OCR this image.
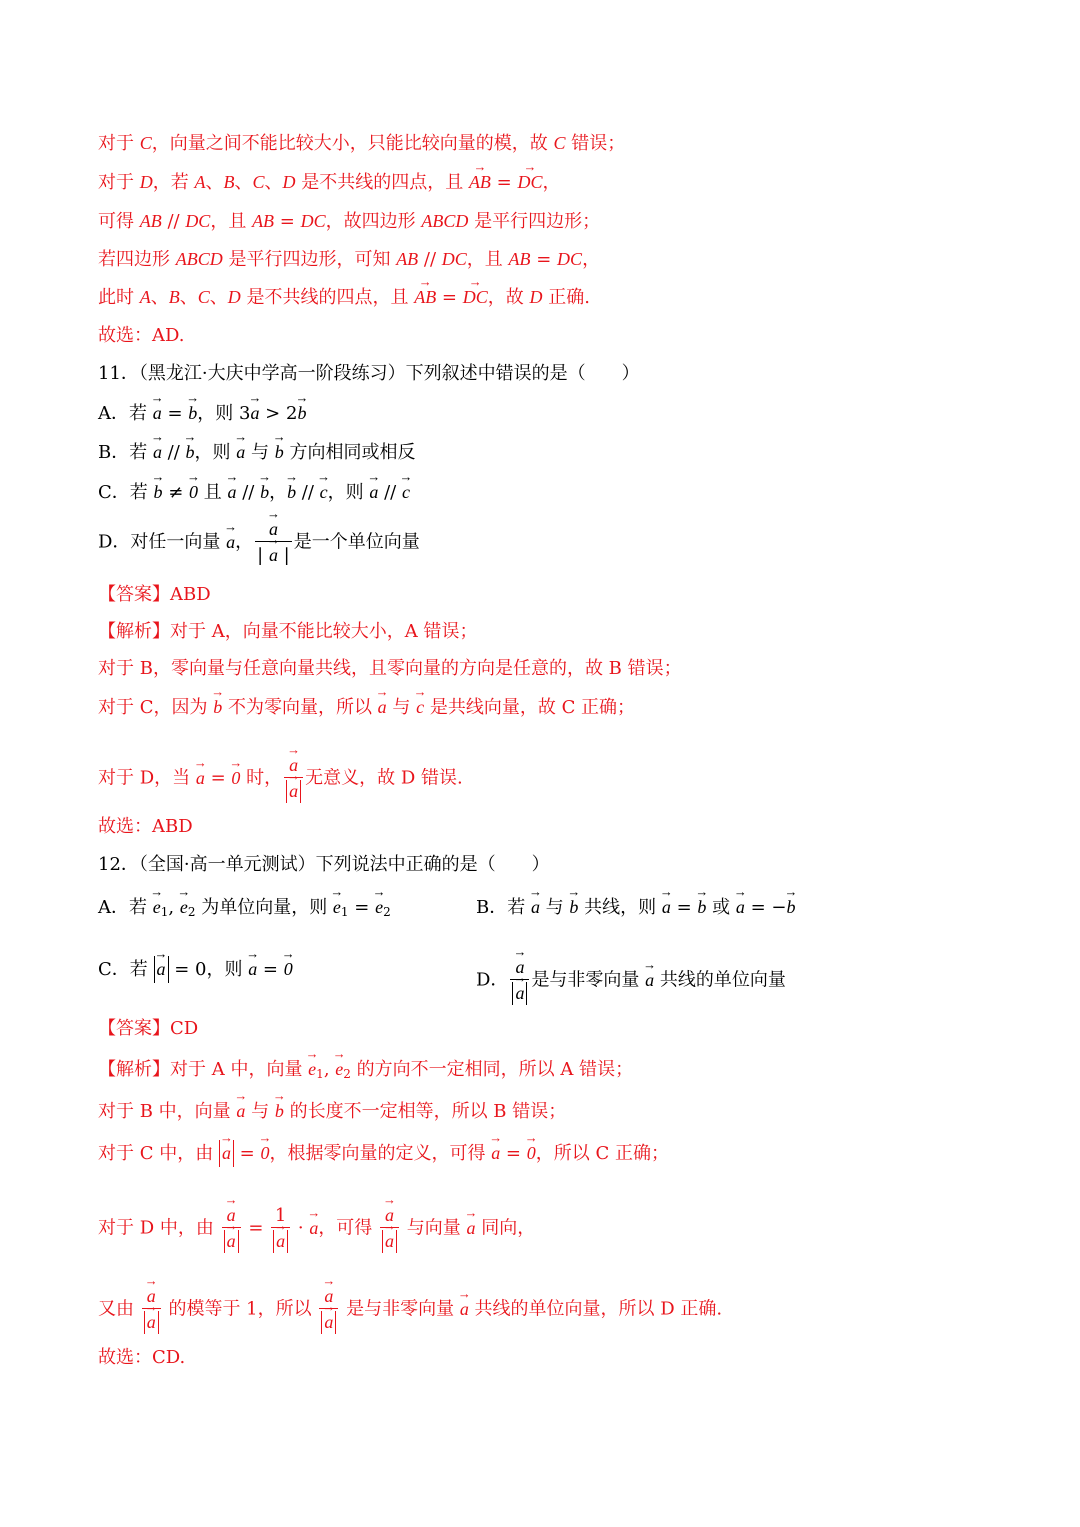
对于 C，向量之间不能比较大小，只能比较向量的模，故 C 错误；
对于 D，若 A、B、C、D 是不共线的四点，且 → AB = → DC，
可得 AB // DC，且 AB = DC，故四边形 ABCD 是平行四边形；
若四边形 ABCD 是平行四边形，可知 AB // DC，且 AB = DC，
此时 A、B、C、D 是不共线的四点，且 → AB = → DC，故 D 正确.
故选：AD.
11．（黑龙江·大庆中学高一阶段练习）下列叙述中错误的是（　　）
A．若 → a = → b，则 3→ a > 2→ b
B．若 → a // → b，则 → a 与 → b 方向相同或相反
C．若 → b ≠ → 0 且 → a // → b，→ b // → c，则 → a // → c
D．对任一向量 → a， → $\frac{a}{| \to a |}$ 是一个单位向量
【答案】ABD
【解析】对于 A，向量不能比较大小，A 错误；
对于 B，零向量与任意向量共线，且零向量的方向是任意的，故 B 错误；
对于 C，因为 → b 不为零向量，所以 → a 与 → c 是共线向量，故 C 正确；
对于 D，当 → a = → 0 时， → a
→ a 无意义，故 D 错误.
故选：ABD
12．（全国·高一单元测试）下列说法中正确的是（　　）
A．若 → $e_1$, → $e_2$ 为单位向量，则 → $e_1$ = → $e_2$	B．若 → a 与 → b 共线，则 → a = → b 或 → a = −→ b
C．若 → a = 0，则 → a = → 0
D． → a
→ a 是与非零向量 → a 共线的单位向量
【答案】CD
【解析】对于 A 中，向量 → $e_1$, → $e_2$ 的方向不一定相同，所以 A 错误；
对于 B 中，向量 → a 与 → b 的长度不一定相等，所以 B 错误；
对于 C 中，由 → a = → 0，根据零向量的定义，可得 → a = → 0，所以 C 正确；
对于 D 中，由 → a
→ a = 1
→ a · → a，可得 → a
→ a 与向量 → a 同向，
又由 → a
→ a 的模等于 1，所以 → a
→ a 是与非零向量 → a 共线的单位向量，所以 D 正确.
故选：CD.
